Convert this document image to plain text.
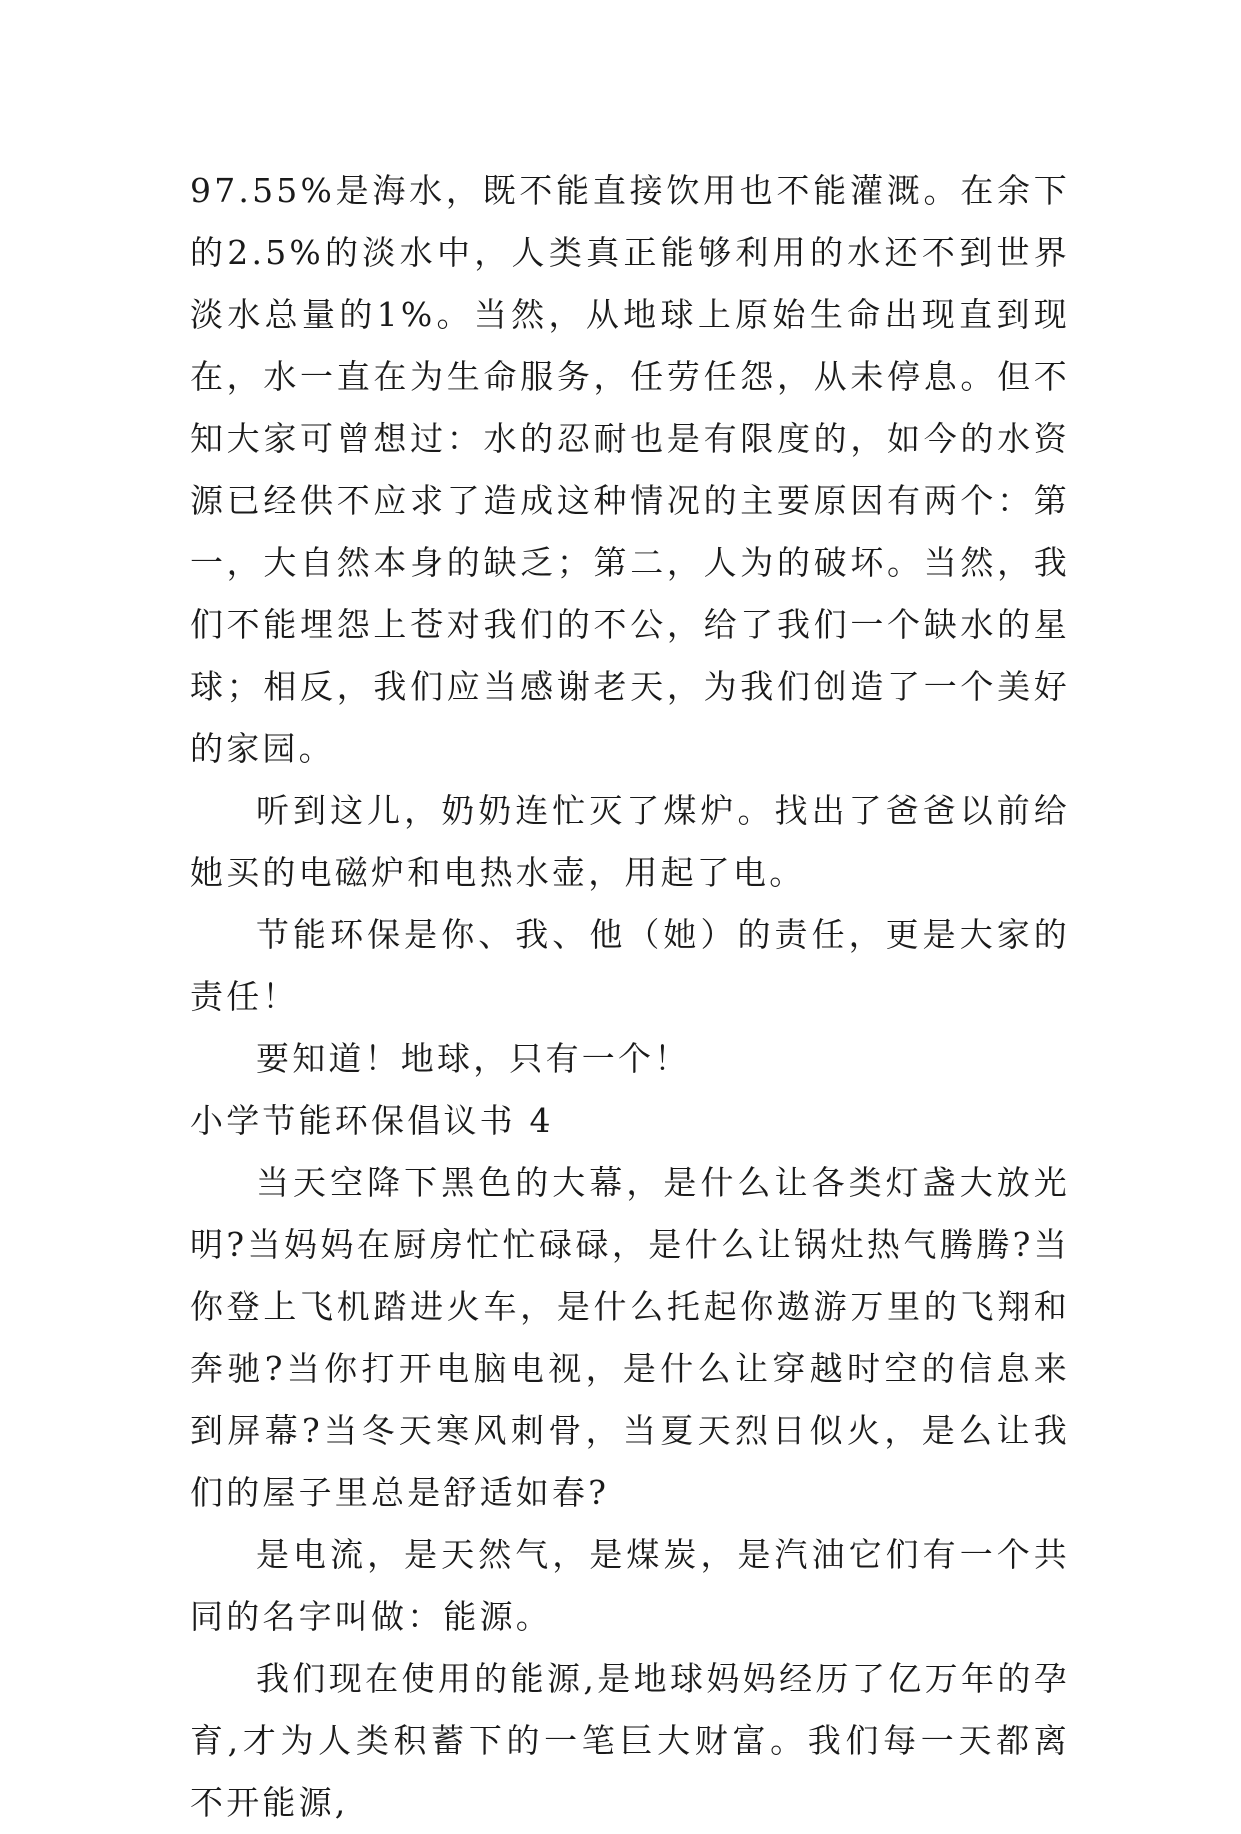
97.55%是海水，既不能直接饮用也不能灌溉。在余下的2.5%的淡水中，人类真正能够利用的水还不到世界淡水总量的1%。当然，从地球上原始生命出现直到现在，水一直在为生命服务，任劳任怨，从未停息。但不知大家可曾想过：水的忍耐也是有限度的，如今的水资源已经供不应求了造成这种情况的主要原因有两个：第一，大自然本身的缺乏；第二，人为的破坏。当然，我们不能埋怨上苍对我们的不公，给了我们一个缺水的星球；相反，我们应当感谢老天，为我们创造了一个美好的家园。

听到这儿，奶奶连忙灭了煤炉。找出了爸爸以前给她买的电磁炉和电热水壶，用起了电。

节能环保是你、我、他（她）的责任，更是大家的责任！

要知道！地球，只有一个！

小学节能环保倡议书 4

当天空降下黑色的大幕，是什么让各类灯盏大放光明?当妈妈在厨房忙忙碌碌，是什么让锅灶热气腾腾?当你登上飞机踏进火车，是什么托起你遨游万里的飞翔和奔驰?当你打开电脑电视，是什么让穿越时空的信息来到屏幕?当冬天寒风刺骨，当夏天烈日似火，是么让我们的屋子里总是舒适如春?

是电流，是天然气，是煤炭，是汽油它们有一个共同的名字叫做：能源。

我们现在使用的能源,是地球妈妈经历了亿万年的孕育,才为人类积蓄下的一笔巨大财富。我们每一天都离不开能源,
